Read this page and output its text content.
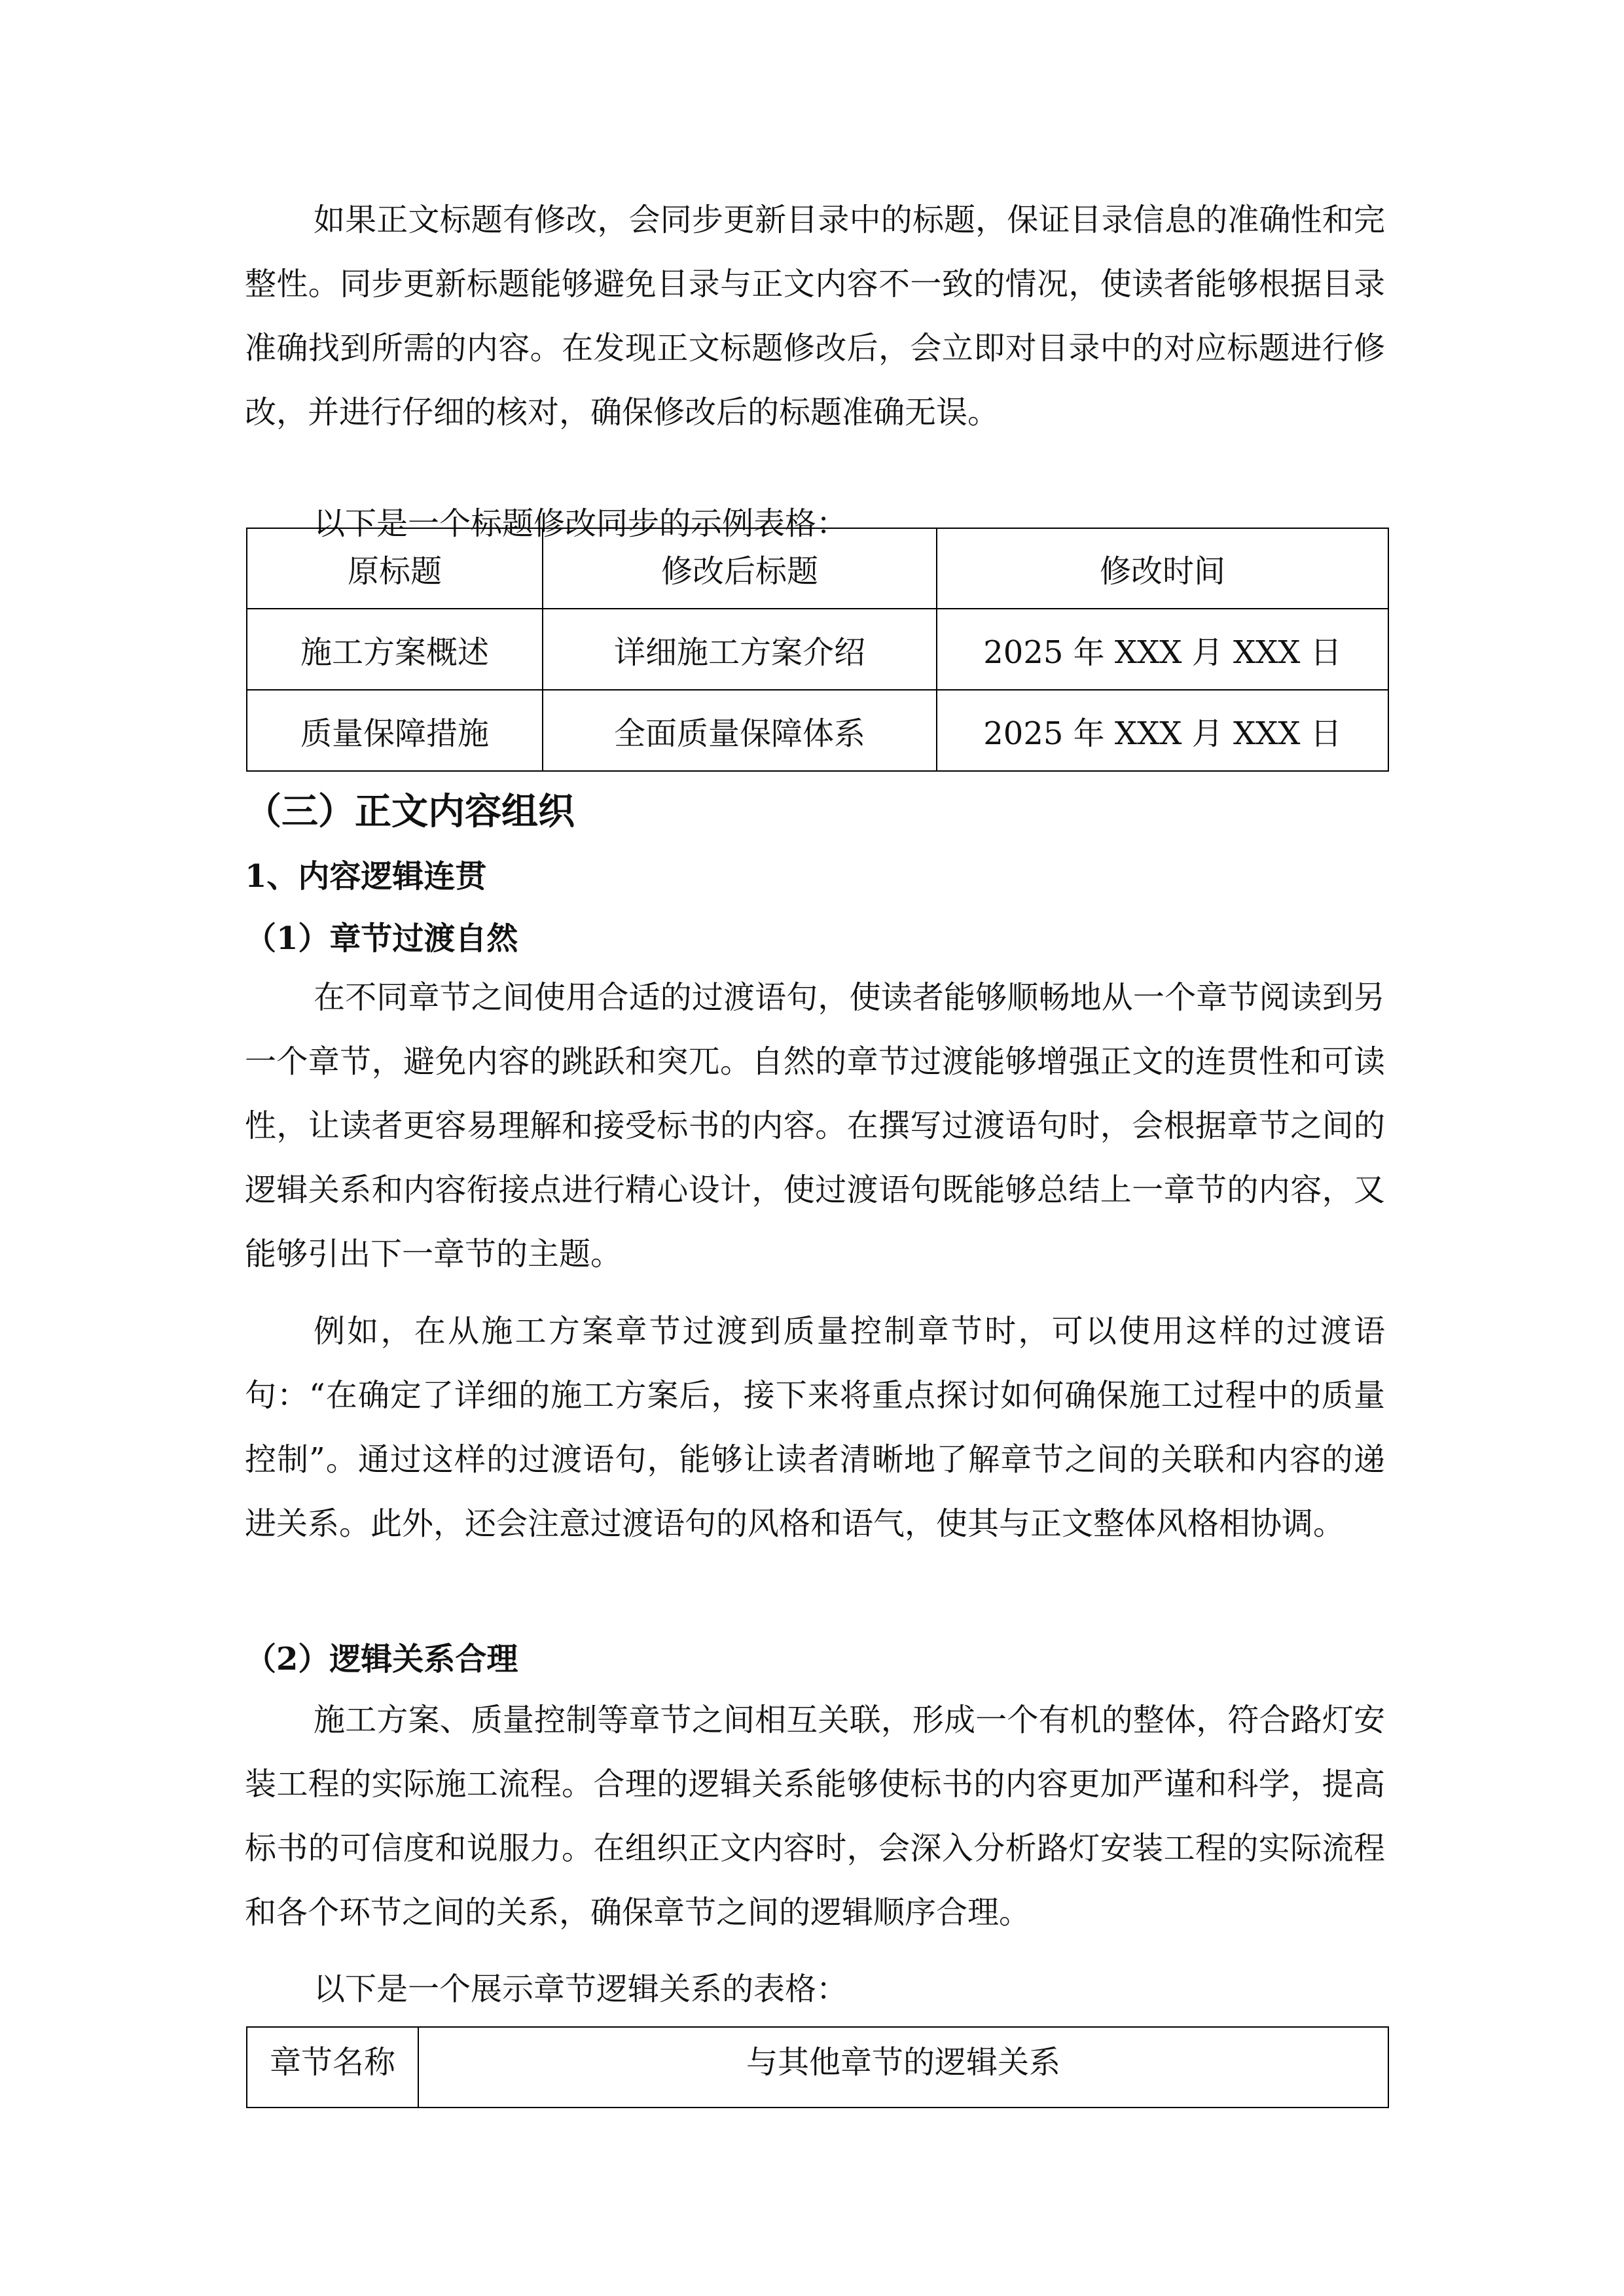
如果正文标题有修改，会同步更新目录中的标题，保证目录信息的准确性和完整性。同步更新标题能够避免目录与正文内容不一致的情况，使读者能够根据目录准确找到所需的内容。在发现正文标题修改后，会立即对目录中的对应标题进行修改，并进行仔细的核对，确保修改后的标题准确无误。

以下是一个标题修改同步的示例表格：

原标题	修改后标题	修改时间
施工方案概述	详细施工方案介绍	2025 年 XXX 月 XXX 日
质量保障措施	全面质量保障体系	2025 年 XXX 月 XXX 日
（三）正文内容组织
1、内容逻辑连贯
（1）章节过渡自然

在不同章节之间使用合适的过渡语句，使读者能够顺畅地从一个章节阅读到另一个章节，避免内容的跳跃和突兀。自然的章节过渡能够增强正文的连贯性和可读性，让读者更容易理解和接受标书的内容。在撰写过渡语句时，会根据章节之间的逻辑关系和内容衔接点进行精心设计，使过渡语句既能够总结上一章节的内容，又能够引出下一章节的主题。

例如，在从施工方案章节过渡到质量控制章节时，可以使用这样的过渡语句：“在确定了详细的施工方案后，接下来将重点探讨如何确保施工过程中的质量控制”。通过这样的过渡语句，能够让读者清晰地了解章节之间的关联和内容的递进关系。此外，还会注意过渡语句的风格和语气，使其与正文整体风格相协调。

（2）逻辑关系合理

施工方案、质量控制等章节之间相互关联，形成一个有机的整体，符合路灯安装工程的实际施工流程。合理的逻辑关系能够使标书的内容更加严谨和科学，提高标书的可信度和说服力。在组织正文内容时，会深入分析路灯安装工程的实际流程和各个环节之间的关系，确保章节之间的逻辑顺序合理。

以下是一个展示章节逻辑关系的表格：

章节名称	与其他章节的逻辑关系
